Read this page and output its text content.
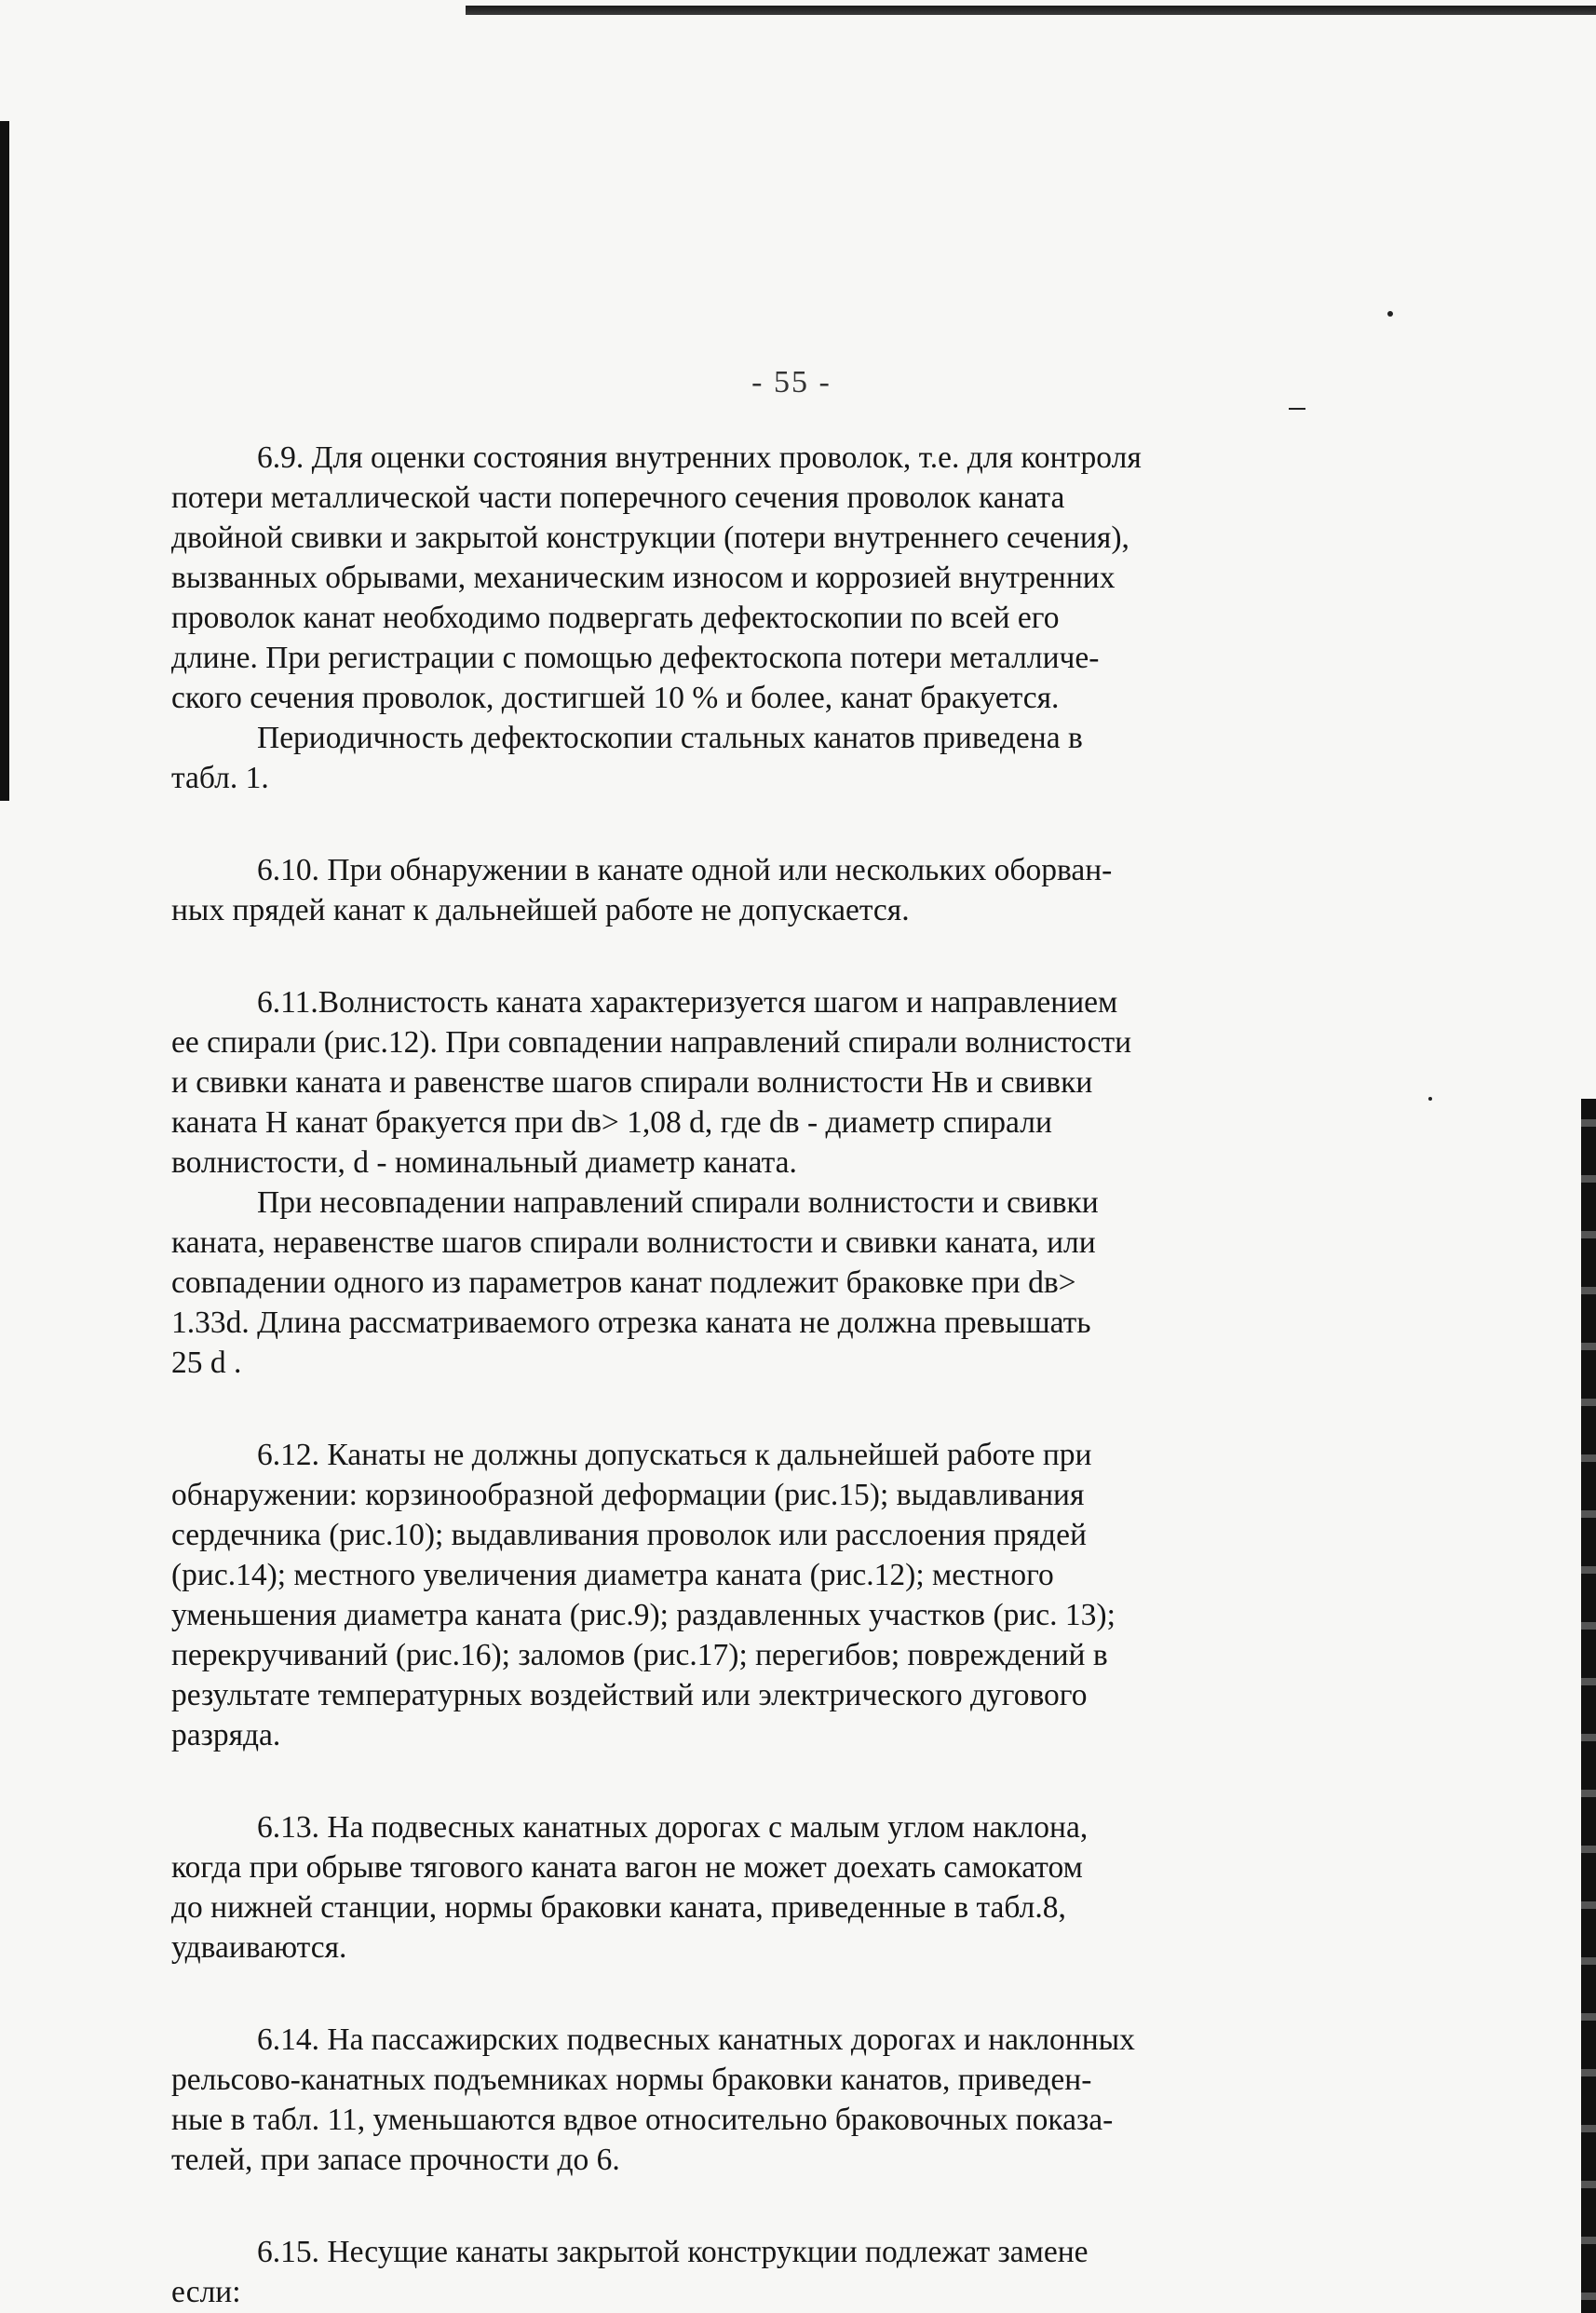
- 55 -

6.9. Для оценки состояния внутренних проволок, т.е. для контроля
потери металлической части поперечного сечения проволок каната
двойной свивки и закрытой конструкции (потери внутреннего сечения),
вызванных обрывами, механическим износом и коррозией внутренних
проволок канат необходимо подвергать дефектоскопии по всей его
длине. При регистрации с помощью дефектоскопа потери металличе-
ского сечения проволок, достигшей 10 % и более, канат бракуется.

Периодичность дефектоскопии стальных канатов приведена в
табл. 1.

6.10. При обнаружении в канате одной или нескольких оборван-
ных прядей канат к дальнейшей работе не допускается.

6.11.Волнистость каната характеризуется шагом и направлением
ее спирали (рис.12). При совпадении направлений спирали волнистости
и свивки каната и равенстве шагов спирали волнистости Нв и свивки
каната Н канат бракуется при dв> 1,08 d, где dв - диаметр спирали
волнистости, d - номинальный диаметр каната.

При несовпадении направлений спирали волнистости и свивки
каната, неравенстве шагов спирали волнистости и свивки каната, или
совпадении одного из параметров канат подлежит браковке при dв>
1.33d. Длина рассматриваемого отрезка каната не должна превышать
25 d .

6.12. Канаты не должны допускаться к дальнейшей работе при
обнаружении: корзинообразной деформации (рис.15); выдавливания
сердечника (рис.10); выдавливания проволок или расслоения прядей
(рис.14); местного увеличения диаметра каната (рис.12); местного
уменьшения диаметра каната (рис.9); раздавленных участков (рис. 13);
перекручиваний (рис.16); заломов (рис.17); перегибов; повреждений в
результате температурных воздействий или электрического дугового
разряда.

6.13. На подвесных канатных дорогах с малым углом наклона,
когда при обрыве тягового каната вагон не может доехать самокатом
до нижней станции, нормы браковки каната, приведенные в табл.8,
удваиваются.

6.14. На пассажирских подвесных канатных дорогах и наклонных
рельсово-канатных подъемниках нормы браковки канатов, приведен-
ные в табл. 11, уменьшаются вдвое относительно браковочных показа-
телей, при запасе прочности до 6.

6.15. Несущие канаты закрытой конструкции подлежат замене
если:
